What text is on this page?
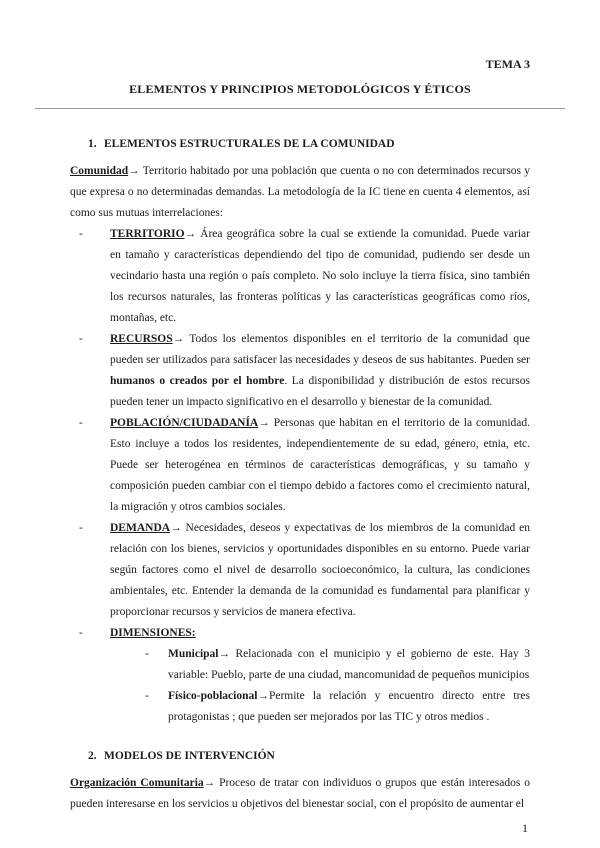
TEMA 3
ELEMENTOS Y PRINCIPIOS METODOLÓGICOS Y ÉTICOS
1. ELEMENTOS ESTRUCTURALES DE LA COMUNIDAD

Comunidad→ Territorio habitado por una población que cuenta o no con determinados recursos y que expresa o no determinadas demandas. La metodología de la IC tiene en cuenta 4 elementos, así como sus mutuas interrelaciones:

-	TERRITORIO→ Área geográfica sobre la cual se extiende la comunidad. Puede variar en tamaño y características dependiendo del tipo de comunidad, pudiendo ser desde un vecindario hasta una región o país completo. No solo incluye la tierra física, sino también los recursos naturales, las fronteras políticas y las características geográficas como ríos, montañas, etc.
-	RECURSOS→ Todos los elementos disponibles en el territorio de la comunidad que pueden ser utilizados para satisfacer las necesidades y deseos de sus habitantes. Pueden ser humanos o creados por el hombre. La disponibilidad y distribución de estos recursos pueden tener un impacto significativo en el desarrollo y bienestar de la comunidad.
-	POBLACIÓN/CIUDADANÍA→ Personas que habitan en el territorio de la comunidad. Esto incluye a todos los residentes, independientemente de su edad, género, etnia, etc. Puede ser heterogénea en términos de características demográficas, y su tamaño y composición pueden cambiar con el tiempo debido a factores como el crecimiento natural, la migración y otros cambios sociales.
-	DEMANDA→ Necesidades, deseos y expectativas de los miembros de la comunidad en relación con los bienes, servicios y oportunidades disponibles en su entorno. Puede variar según factores como el nivel de desarrollo socioeconómico, la cultura, las condiciones ambientales, etc. Entender la demanda de la comunidad es fundamental para planificar y proporcionar recursos y servicios de manera efectiva.
-	DIMENSIONES:
-	Municipal→ Relacionada con el municipio y el gobierno de este. Hay 3 variable: Pueblo, parte de una ciudad, mancomunidad de pequeños municipios
-	Físico-poblacional→Permite la relación y encuentro directo entre tres protagonistas ; que pueden ser mejorados por las TIC y otros medios .
2. MODELOS DE INTERVENCIÓN

Organización Comunitaria→ Proceso de tratar con individuos o grupos que están interesados o pueden interesarse en los servicios u objetivos del bienestar social, con el propósito de aumentar el

1
